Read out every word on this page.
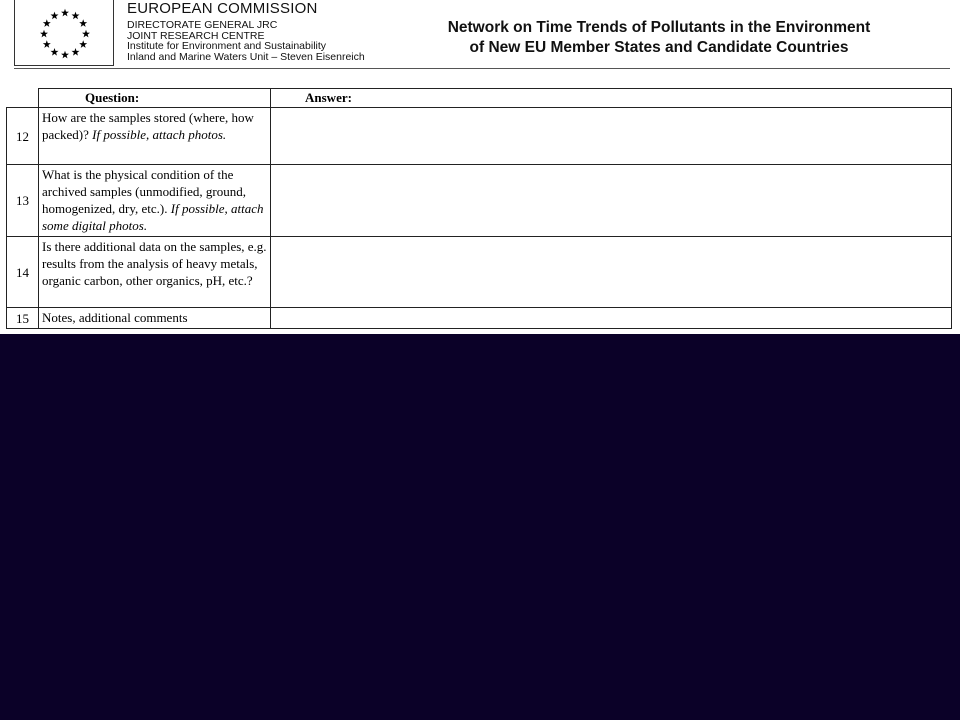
EUROPEAN COMMISSION
DIRECTORATE GENERAL JRC
JOINT RESEARCH CENTRE
Institute for Environment and Sustainability
Inland and Marine Waters Unit – Steven Eisenreich
Network on Time Trends of Pollutants in the Environment
of New EU Member States and Candidate Countries
	Question:	Answer:
12	How are the samples stored (where, how packed)? If possible, attach photos.	
13	What is the physical condition of the archived samples (unmodified, ground, homogenized, dry, etc.). If possible, attach some digital photos.	
14	Is there additional data on the samples, e.g. results from the analysis of heavy metals, organic carbon, other organics, pH, etc.?	
15	Notes, additional comments	
